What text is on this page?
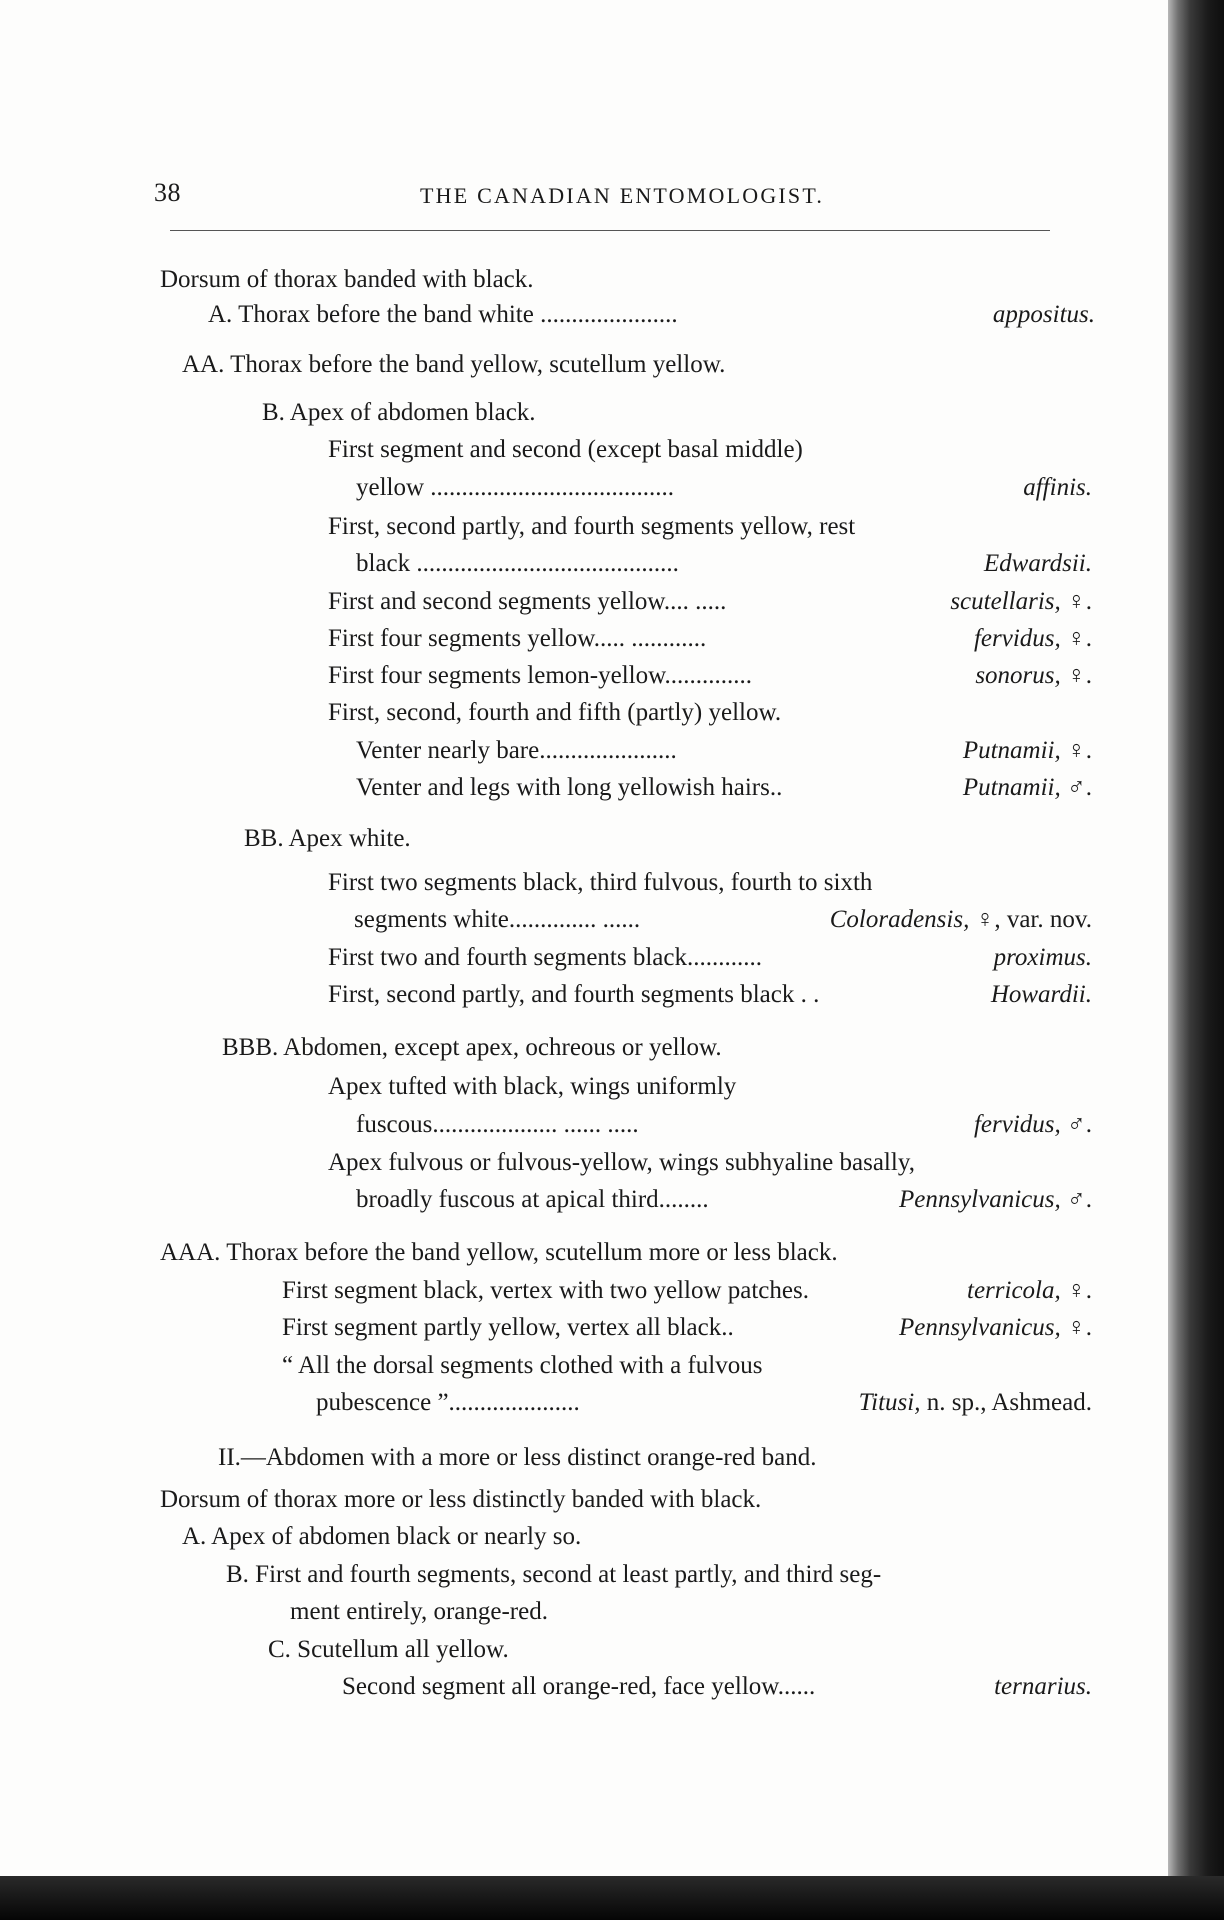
38	THE CANADIAN ENTOMOLOGIST.
Dorsum of thorax banded with black.
A. Thorax before the band white ......................	appositus.
AA. Thorax before the band yellow, scutellum yellow.
B. Apex of abdomen black.
First segment and second (except basal middle)
yellow .......................................	affinis.
First, second partly, and fourth segments yellow, rest
black ..........................................	Edwardsii.
First and second segments yellow.... .....	scutellaris, ♀.
First four segments yellow..... ............	fervidus, ♀.
First four segments lemon-yellow..............	sonorus, ♀.
First, second, fourth and fifth (partly) yellow.
Venter nearly bare......................	Putnamii, ♀.
Venter and legs with long yellowish hairs..	Putnamii, ♂.
BB. Apex white.
First two segments black, third fulvous, fourth to sixth
segments white.............. ......	Coloradensis, ♀, var. nov.
First two and fourth segments black............	proximus.
First, second partly, and fourth segments black . .	Howardii.
BBB. Abdomen, except apex, ochreous or yellow.
Apex tufted with black, wings uniformly
fuscous.................... ...... .....	fervidus, ♂.
Apex fulvous or fulvous-yellow, wings subhyaline basally,
broadly fuscous at apical third........	Pennsylvanicus, ♂.
AAA. Thorax before the band yellow, scutellum more or less black.
First segment black, vertex with two yellow patches.	terricola, ♀.
First segment partly yellow, vertex all black..	Pennsylvanicus, ♀.
“ All the dorsal segments clothed with a fulvous
pubescence ”.....................	Titusi, n. sp., Ashmead.
II.—Abdomen with a more or less distinct orange-red band.
Dorsum of thorax more or less distinctly banded with black.
A. Apex of abdomen black or nearly so.
B. First and fourth segments, second at least partly, and third seg-
ment entirely, orange-red.
C. Scutellum all yellow.
Second segment all orange-red, face yellow......	ternarius.
